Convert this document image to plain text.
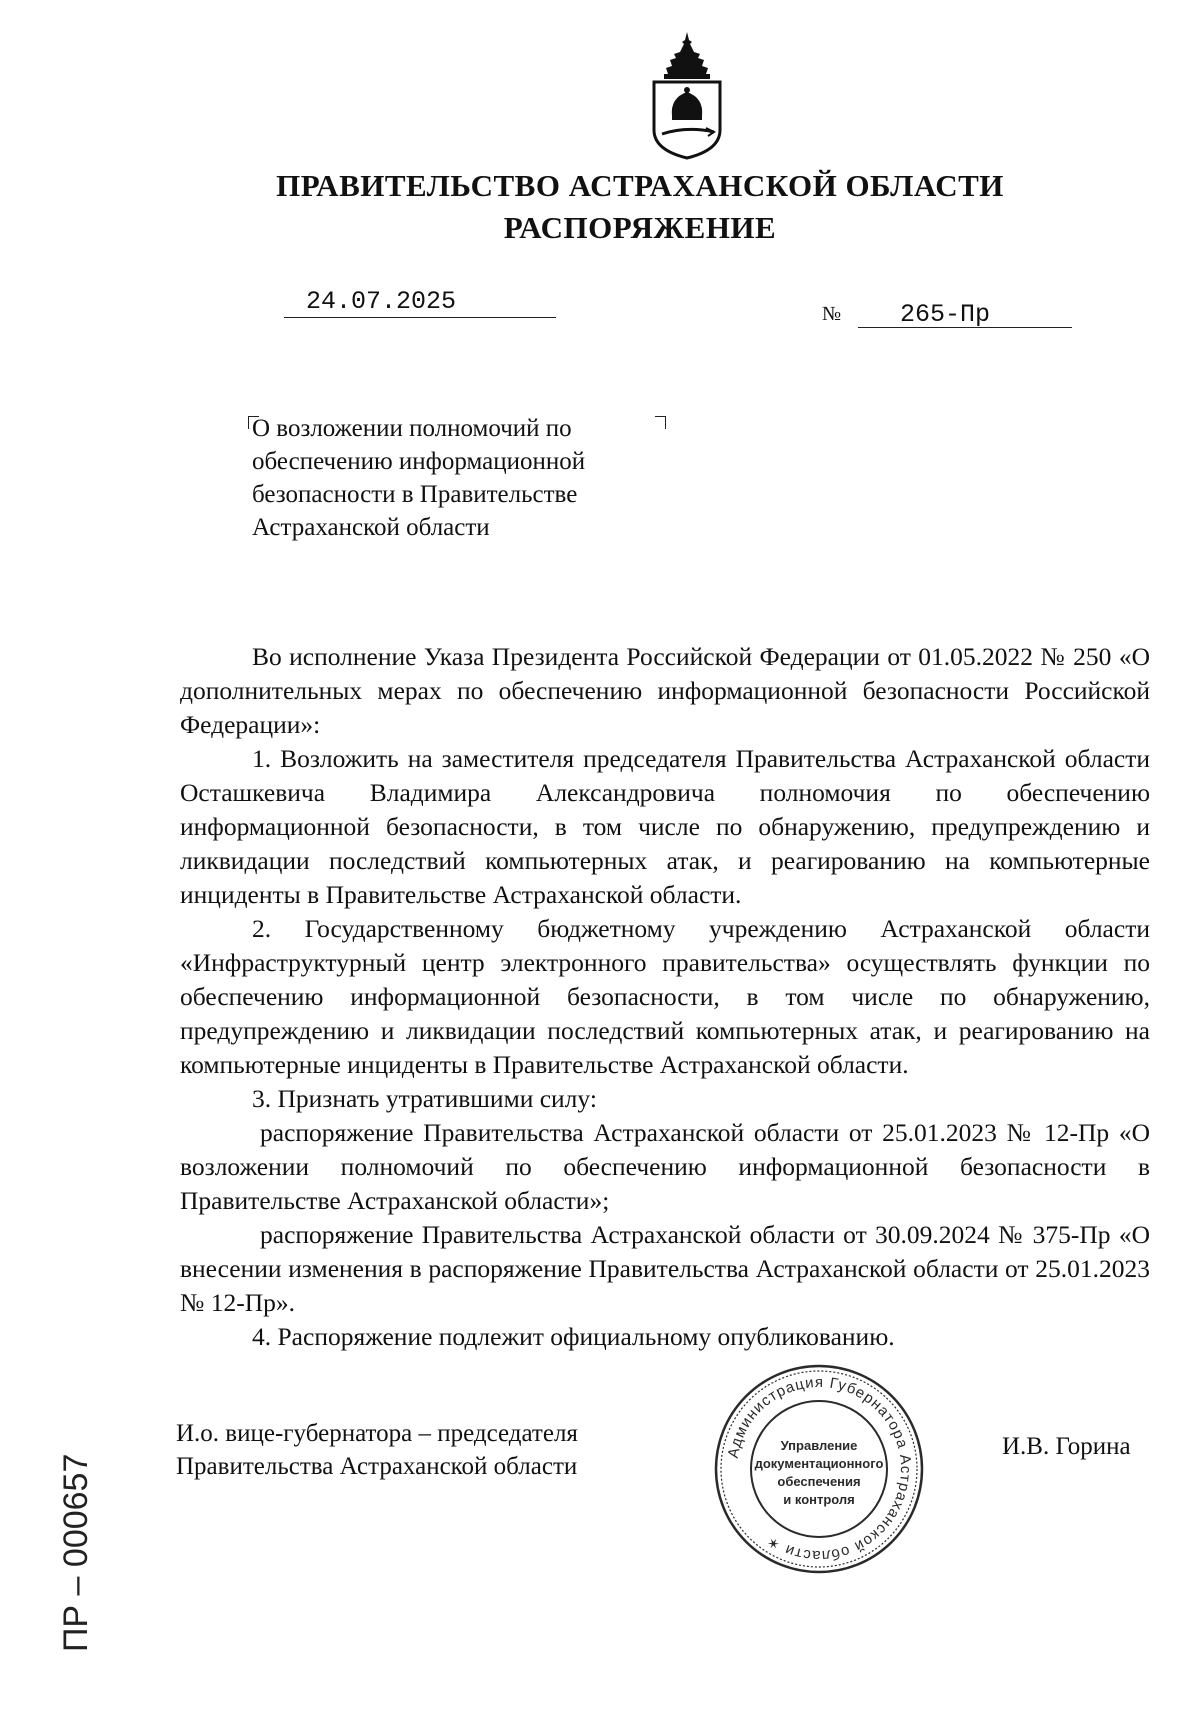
ПРАВИТЕЛЬСТВО АСТРАХАНСКОЙ ОБЛАСТИ
РАСПОРЯЖЕНИЕ
24.07.2025	№ 265-Пр
О возложении полномочий по
обеспечению информационной
безопасности в Правительстве
Астраханской области

Во исполнение Указа Президента Российской Федерации от 01.05.2022 № 250 «О дополнительных мерах по обеспечению информационной безопасности Российской Федерации»:

1. Возложить на заместителя председателя Правительства Астраханской области Осташкевича Владимира Александровича полномочия по обеспечению информационной безопасности, в том числе по обнаружению, предупреждению и ликвидации последствий компьютерных атак, и реагированию на компьютерные инциденты в Правительстве Астраханской области.

2. Государственному бюджетному учреждению Астраханской области «Инфраструктурный центр электронного правительства» осуществлять функции по обеспечению информационной безопасности, в том числе по обнаружению, предупреждению и ликвидации последствий компьютерных атак, и реагированию на компьютерные инциденты в Правительстве Астраханской области.

3. Признать утратившими силу:

распоряжение Правительства Астраханской области от 25.01.2023 № 12-Пр «О возложении полномочий по обеспечению информационной безопасности в Правительстве Астраханской области»;

распоряжение Правительства Астраханской области от 30.09.2024 № 375-Пр «О внесении изменения в распоряжение Правительства Астраханской области от 25.01.2023 № 12-Пр».

4. Распоряжение подлежит официальному опубликованию.

И.о. вице-губернатора – председателя
Правительства Астраханской области
И.В. Горина
Администрация Губернатора Астраханской области ✶
Управление
документационного
обеспечения
и контроля
ПР – 000657
